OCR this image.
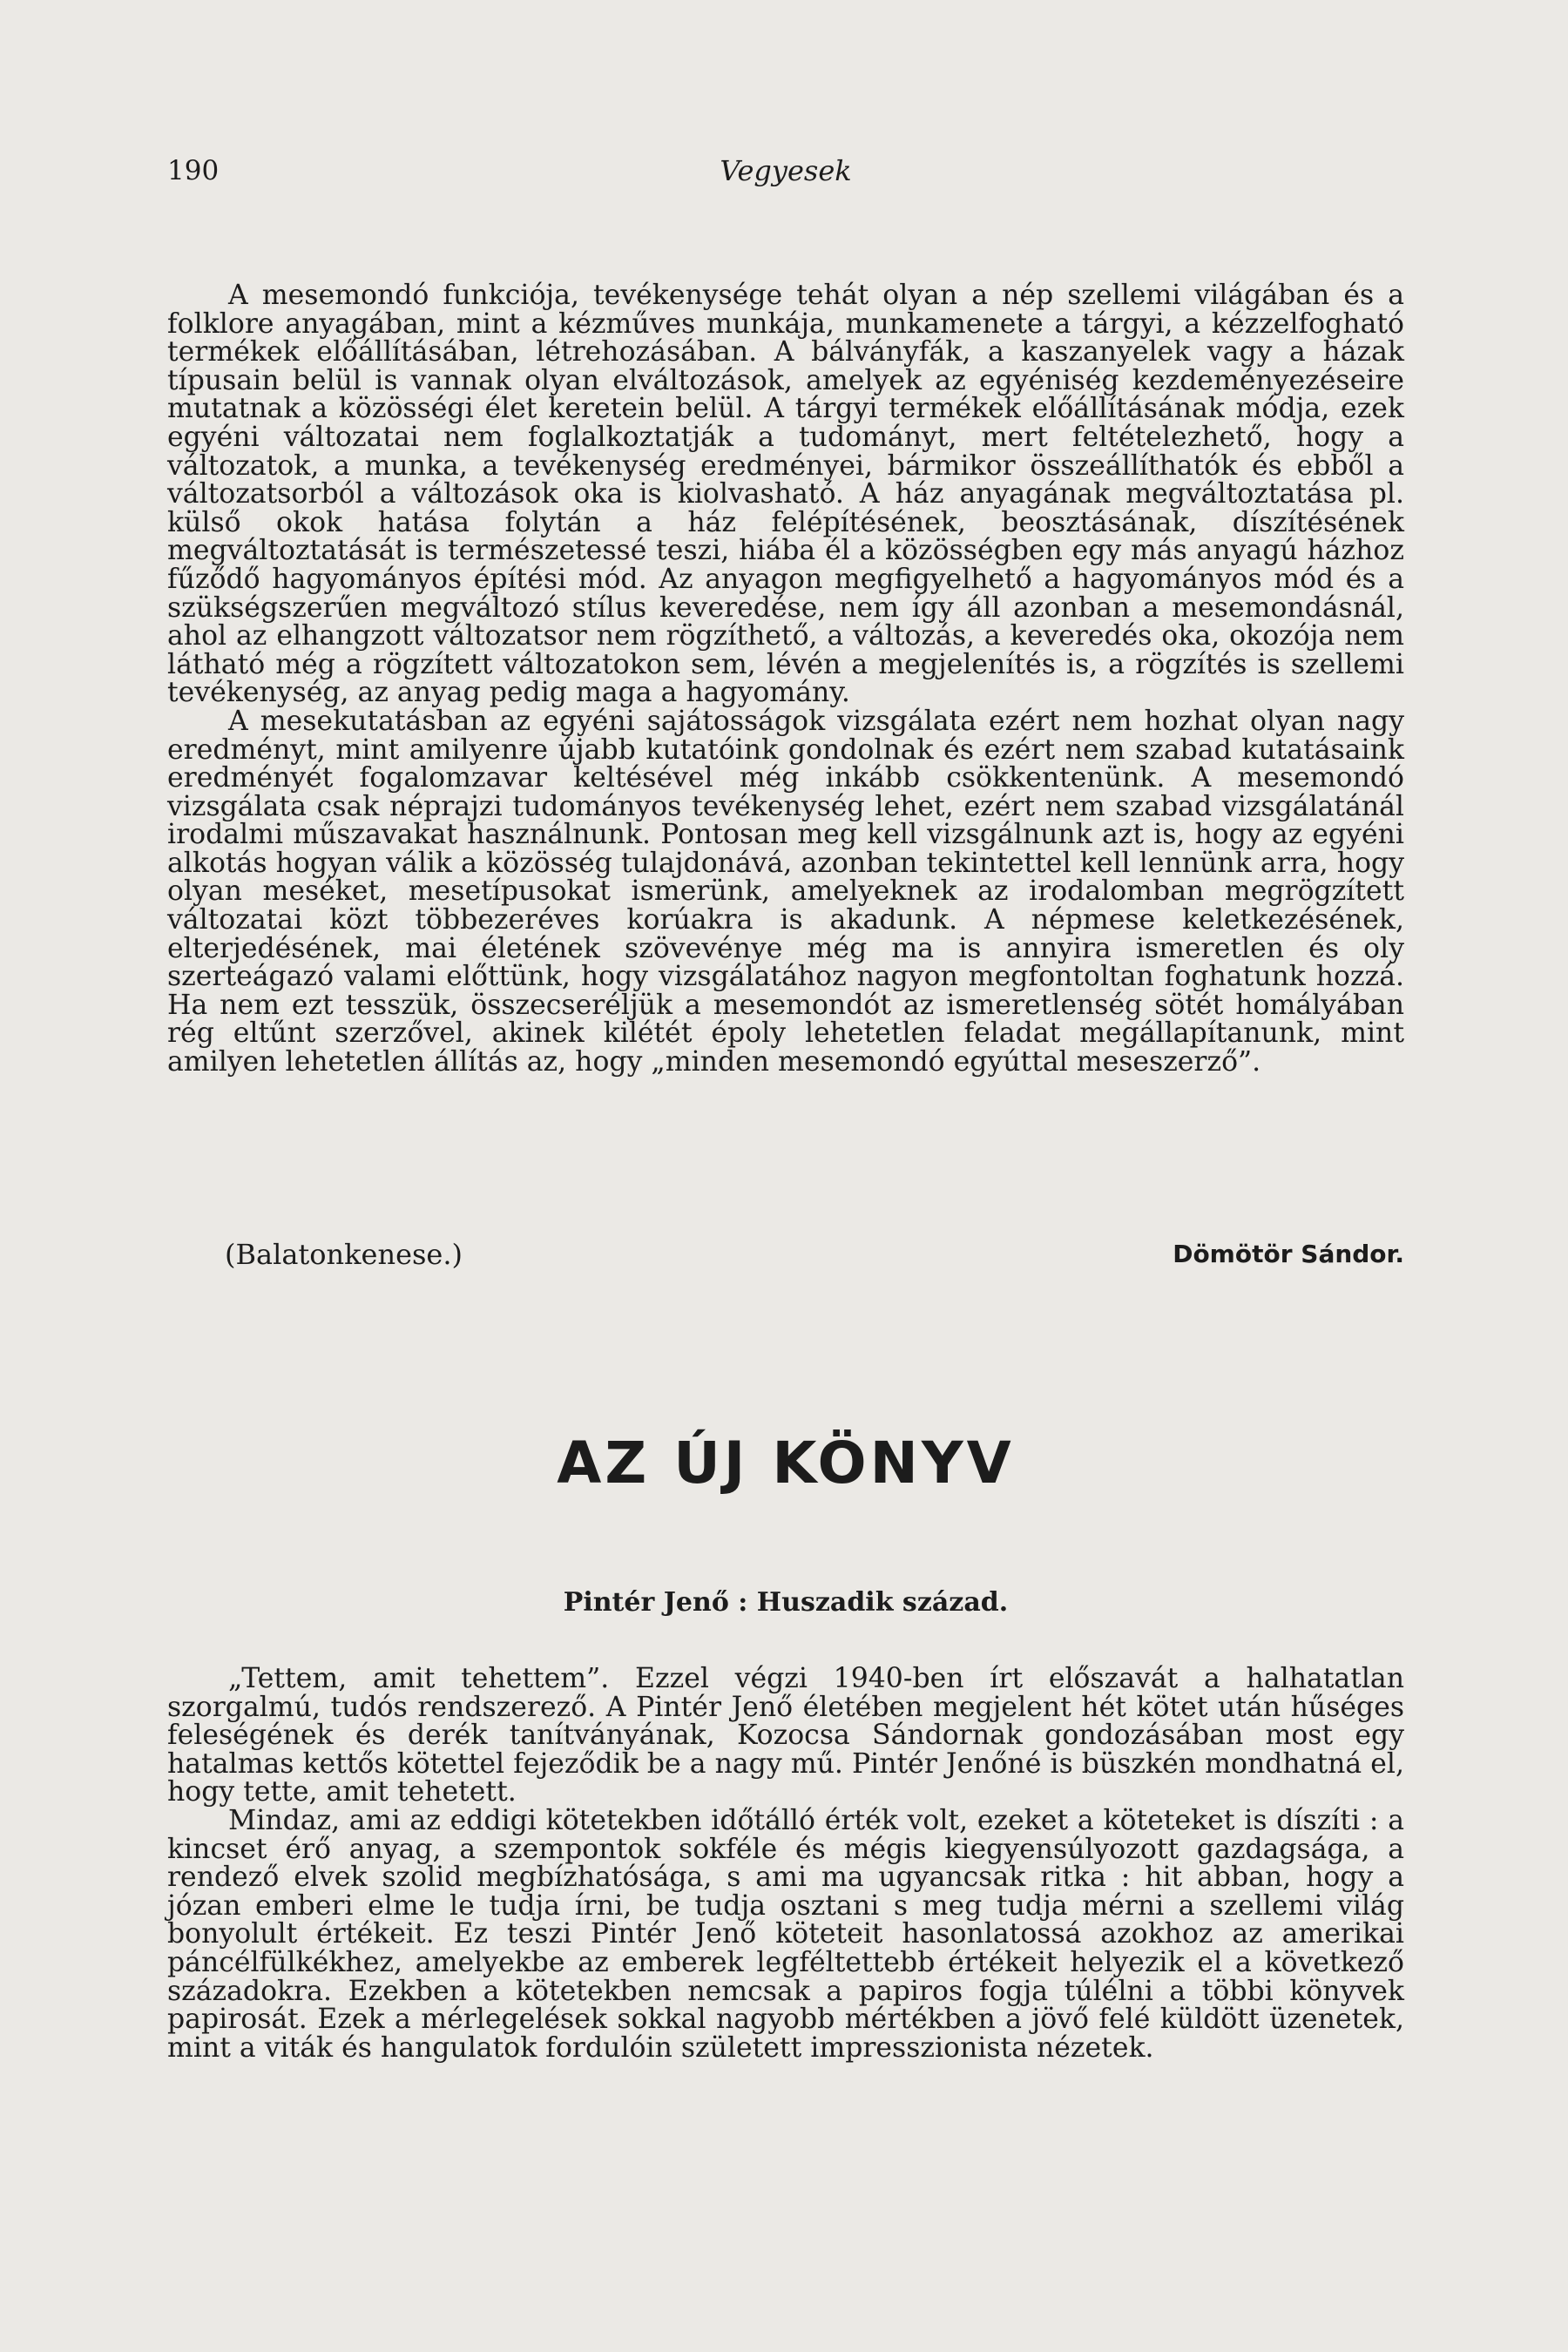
190	Vegyesek

A mesemondó funkciója, tevékenysége tehát olyan a nép szellemi világában és a folklore anyagában, mint a kézműves munkája, munkamenete a tárgyi, a kézzelfogható termékek előállításában, létrehozásában. A bálványfák, a kaszanyelek vagy a házak típusain belül is vannak olyan elváltozások, amelyek az egyéniség kezdeményezéseire mutatnak a közösségi élet keretein belül. A tárgyi termékek előállításának módja, ezek egyéni változatai nem foglalkoztatják a tudományt, mert feltételezhető, hogy a változatok, a munka, a tevékenység eredményei, bármikor összeállíthatók és ebből a változatsorból a változások oka is kiolvasható. A ház anyagának megváltoztatása pl. külső okok hatása folytán a ház felépítésének, beosztásának, díszítésének megváltoztatását is természetessé teszi, hiába él a közösségben egy más anyagú házhoz fűződő hagyományos építési mód. Az anyagon megfigyelhető a hagyományos mód és a szükségszerűen megváltozó stílus keveredése, nem így áll azonban a mesemondásnál, ahol az elhangzott változatsor nem rögzíthető, a változás, a keveredés oka, okozója nem látható még a rögzített változatokon sem, lévén a megjelenítés is, a rögzítés is szellemi tevékenység, az anyag pedig maga a hagyomány.

A mesekutatásban az egyéni sajátosságok vizsgálata ezért nem hozhat olyan nagy eredményt, mint amilyenre újabb kutatóink gondolnak és ezért nem szabad kutatásaink eredményét fogalomzavar keltésével még inkább csökkentenünk. A mesemondó vizsgálata csak néprajzi tudományos tevékenység lehet, ezért nem szabad vizsgálatánál irodalmi műszavakat használnunk. Pontosan meg kell vizsgálnunk azt is, hogy az egyéni alkotás hogyan válik a közösség tulajdonává, azonban tekintettel kell lennünk arra, hogy olyan meséket, mesetípusokat ismerünk, amelyeknek az irodalomban megrögzített változatai közt többezeréves korúakra is akadunk. A népmese keletkezésének, elterjedésének, mai életének szövevénye még ma is annyira ismeretlen és oly szerteágazó valami előttünk, hogy vizsgálatához nagyon megfontoltan foghatunk hozzá. Ha nem ezt tesszük, összecseréljük a mesemondót az ismeretlenség sötét homályában rég eltűnt szerzővel, akinek kilétét époly lehetetlen feladat megállapítanunk, mint amilyen lehetetlen állítás az, hogy „minden mesemondó egyúttal meseszerző”.

(Balatonkenese.)	Dömötör Sándor.
AZ ÚJ KÖNYV
Pintér Jenő : Huszadik század.

„Tettem, amit tehettem”. Ezzel végzi 1940-ben írt előszavát a halhatatlan szorgalmú, tudós rendszerező. A Pintér Jenő életében megjelent hét kötet után hűséges feleségének és derék tanítványának, Kozocsa Sándornak gondozásában most egy hatalmas kettős kötettel fejeződik be a nagy mű. Pintér Jenőné is büszkén mondhatná el, hogy tette, amit tehetett.

Mindaz, ami az eddigi kötetekben időtálló érték volt, ezeket a köteteket is díszíti : a kincset érő anyag, a szempontok sokféle és mégis kiegyensúlyozott gazdagsága, a rendező elvek szolid megbízhatósága, s ami ma ugyancsak ritka : hit abban, hogy a józan emberi elme le tudja írni, be tudja osztani s meg tudja mérni a szellemi világ bonyolult értékeit. Ez teszi Pintér Jenő köteteit hasonlatossá azokhoz az amerikai páncélfülkékhez, amelyekbe az emberek legféltettebb értékeit helyezik el a következő századokra. Ezekben a kötetekben nemcsak a papiros fogja túlélni a többi könyvek papirosát. Ezek a mérlegelések sokkal nagyobb mértékben a jövő felé küldött üzenetek, mint a viták és hangulatok fordulóin született impresszionista nézetek.
